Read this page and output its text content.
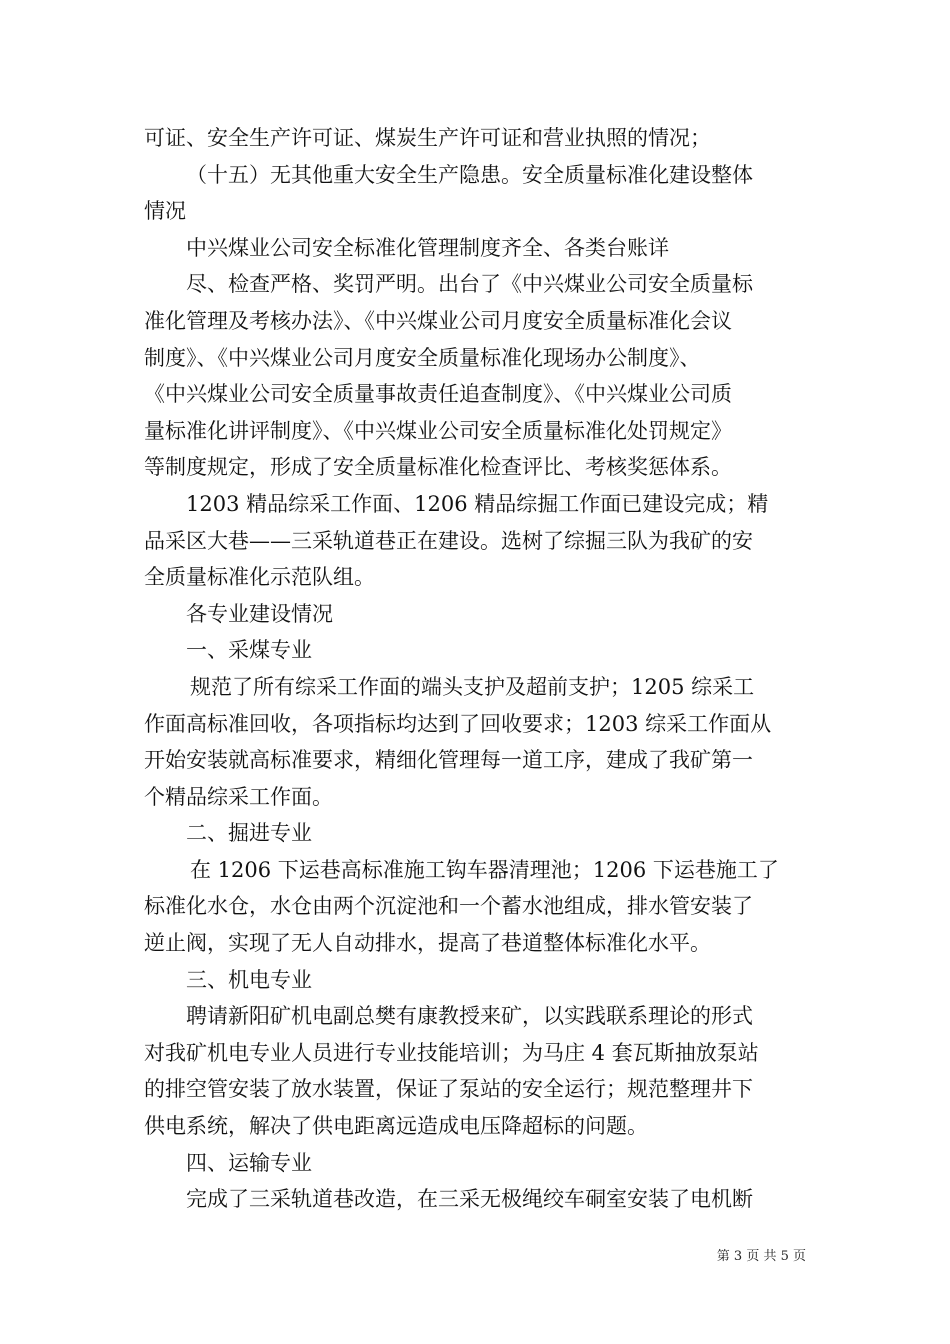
可证、安全生产许可证、煤炭生产许可证和营业执照的情况；
（十五）无其他重大安全生产隐患。安全质量标准化建设整体
情况
中兴煤业公司安全标准化管理制度齐全、各类台账详
尽、检查严格、奖罚严明。出台了《中兴煤业公司安全质量标
准化管理及考核办法》、《中兴煤业公司月度安全质量标准化会议
制度》、《中兴煤业公司月度安全质量标准化现场办公制度》、
《中兴煤业公司安全质量事故责任追查制度》、《中兴煤业公司质
量标准化讲评制度》、《中兴煤业公司安全质量标准化处罚规定》
等制度规定，形成了安全质量标准化检查评比、考核奖惩体系。
1203 精品综采工作面、1206 精品综掘工作面已建设完成；精
品采区大巷——三采轨道巷正在建设。选树了综掘三队为我矿的安
全质量标准化示范队组。
各专业建设情况
一、采煤专业
规范了所有综采工作面的端头支护及超前支护；1205 综采工
作面高标准回收，各项指标均达到了回收要求；1203 综采工作面从
开始安装就高标准要求，精细化管理每一道工序，建成了我矿第一
个精品综采工作面。
二、掘进专业
在 1206 下运巷高标准施工钩车器清理池；1206 下运巷施工了
标准化水仓，水仓由两个沉淀池和一个蓄水池组成，排水管安装了
逆止阀，实现了无人自动排水，提高了巷道整体标准化水平。
三、机电专业
聘请新阳矿机电副总樊有康教授来矿，以实践联系理论的形式
对我矿机电专业人员进行专业技能培训；为马庄 4 套瓦斯抽放泵站
的排空管安装了放水装置，保证了泵站的安全运行；规范整理井下
供电系统，解决了供电距离远造成电压降超标的问题。
四、运输专业
完成了三采轨道巷改造，在三采无极绳绞车硐室安装了电机断
第 3 页 共 5 页
